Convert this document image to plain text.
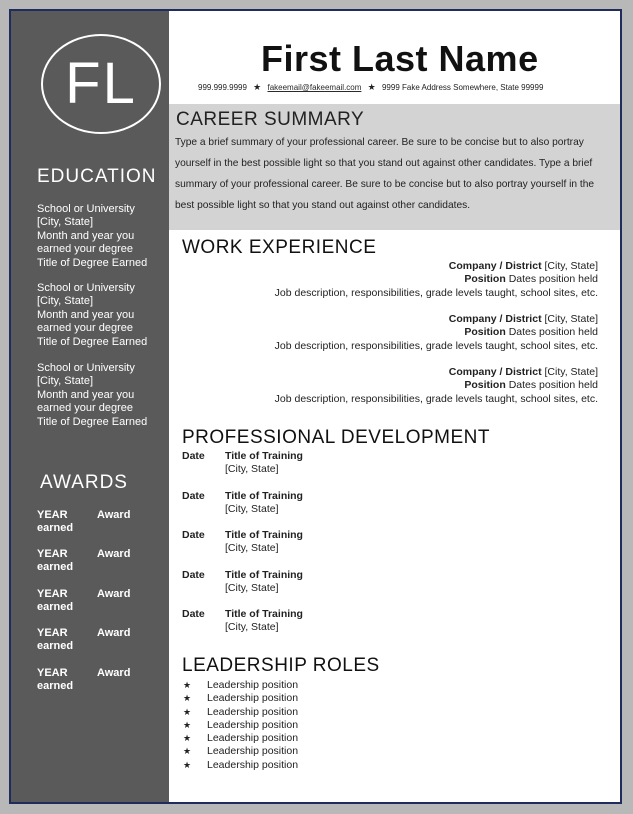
FL
EDUCATION
School or University
[City, State]
Month and year you
earned your degree
Title of Degree Earned
School or University
[City, State]
Month and year you
earned your degree
Title of Degree Earned
School or University
[City, State]
Month and year you
earned your degree
Title of Degree Earned
AWARDS
YEAR
earned
Award
YEAR
earned
Award
YEAR
earned
Award
YEAR
earned
Award
YEAR
earned
Award
First Last Name
999.999.9999 ★ fakeemail@fakeemail.com ★ 9999 Fake Address Somewhere, State 99999
CAREER SUMMARY
Type a brief summary of your professional career. Be sure to be concise but to also portray yourself in the best possible light so that you stand out against other candidates. Type a brief summary of your professional career. Be sure to be concise but to also portray yourself in the best possible light so that you stand out against other candidates.
WORK EXPERIENCE
Company / District [City, State]
Position Dates position held
Job description, responsibilities, grade levels taught, school sites, etc.
Company / District [City, State]
Position Dates position held
Job description, responsibilities, grade levels taught, school sites, etc.
Company / District [City, State]
Position Dates position held
Job description, responsibilities, grade levels taught, school sites, etc.
PROFESSIONAL DEVELOPMENT
Date Title of Training
[City, State]
Date Title of Training
[City, State]
Date Title of Training
[City, State]
Date Title of Training
[City, State]
Date Title of Training
[City, State]
LEADERSHIP ROLES
★ Leadership position
★ Leadership position
★ Leadership position
★ Leadership position
★ Leadership position
★ Leadership position
★ Leadership position
